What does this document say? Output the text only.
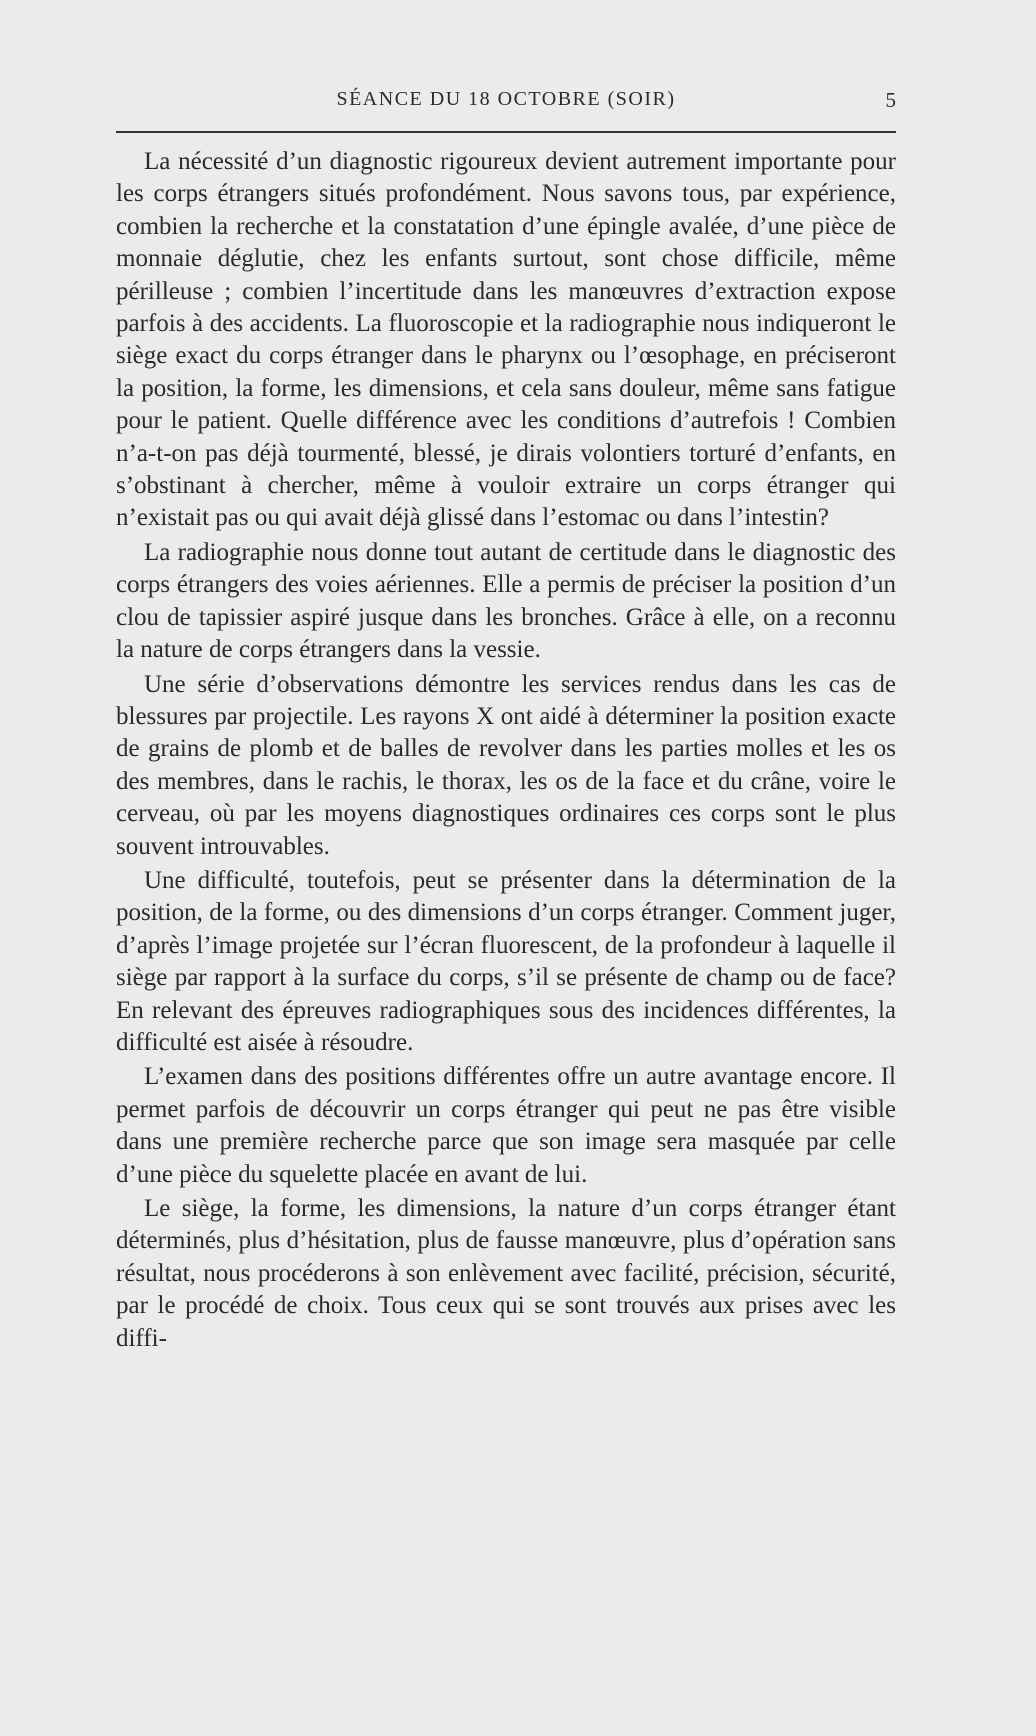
SÉANCE DU 18 OCTOBRE (SOIR)	5

La nécessité d’un diagnostic rigoureux devient autrement importante pour les corps étrangers situés profondément. Nous savons tous, par expérience, combien la recherche et la constatation d’une épingle avalée, d’une pièce de monnaie déglutie, chez les enfants surtout, sont chose difficile, même périlleuse ; combien l’incertitude dans les manœuvres d’extraction expose parfois à des accidents. La fluoroscopie et la radiographie nous indiqueront le siège exact du corps étranger dans le pharynx ou l’œsophage, en préciseront la position, la forme, les dimensions, et cela sans douleur, même sans fatigue pour le patient. Quelle différence avec les conditions d’autrefois ! Combien n’a-t-on pas déjà tourmenté, blessé, je dirais volontiers torturé d’enfants, en s’obstinant à chercher, même à vouloir extraire un corps étranger qui n’existait pas ou qui avait déjà glissé dans l’estomac ou dans l’intestin?

La radiographie nous donne tout autant de certitude dans le diagnostic des corps étrangers des voies aériennes. Elle a permis de préciser la position d’un clou de tapissier aspiré jusque dans les bronches. Grâce à elle, on a reconnu la nature de corps étrangers dans la vessie.

Une série d’observations démontre les services rendus dans les cas de blessures par projectile. Les rayons X ont aidé à déterminer la position exacte de grains de plomb et de balles de revolver dans les parties molles et les os des membres, dans le rachis, le thorax, les os de la face et du crâne, voire le cerveau, où par les moyens diagnostiques ordinaires ces corps sont le plus souvent introuvables.

Une difficulté, toutefois, peut se présenter dans la détermination de la position, de la forme, ou des dimensions d’un corps étranger. Comment juger, d’après l’image projetée sur l’écran fluorescent, de la profondeur à laquelle il siège par rapport à la surface du corps, s’il se présente de champ ou de face? En relevant des épreuves radiographiques sous des incidences différentes, la difficulté est aisée à résoudre.

L’examen dans des positions différentes offre un autre avantage encore. Il permet parfois de découvrir un corps étranger qui peut ne pas être visible dans une première recherche parce que son image sera masquée par celle d’une pièce du squelette placée en avant de lui.

Le siège, la forme, les dimensions, la nature d’un corps étranger étant déterminés, plus d’hésitation, plus de fausse manœuvre, plus d’opération sans résultat, nous procéderons à son enlèvement avec facilité, précision, sécurité, par le procédé de choix. Tous ceux qui se sont trouvés aux prises avec les diffi-
